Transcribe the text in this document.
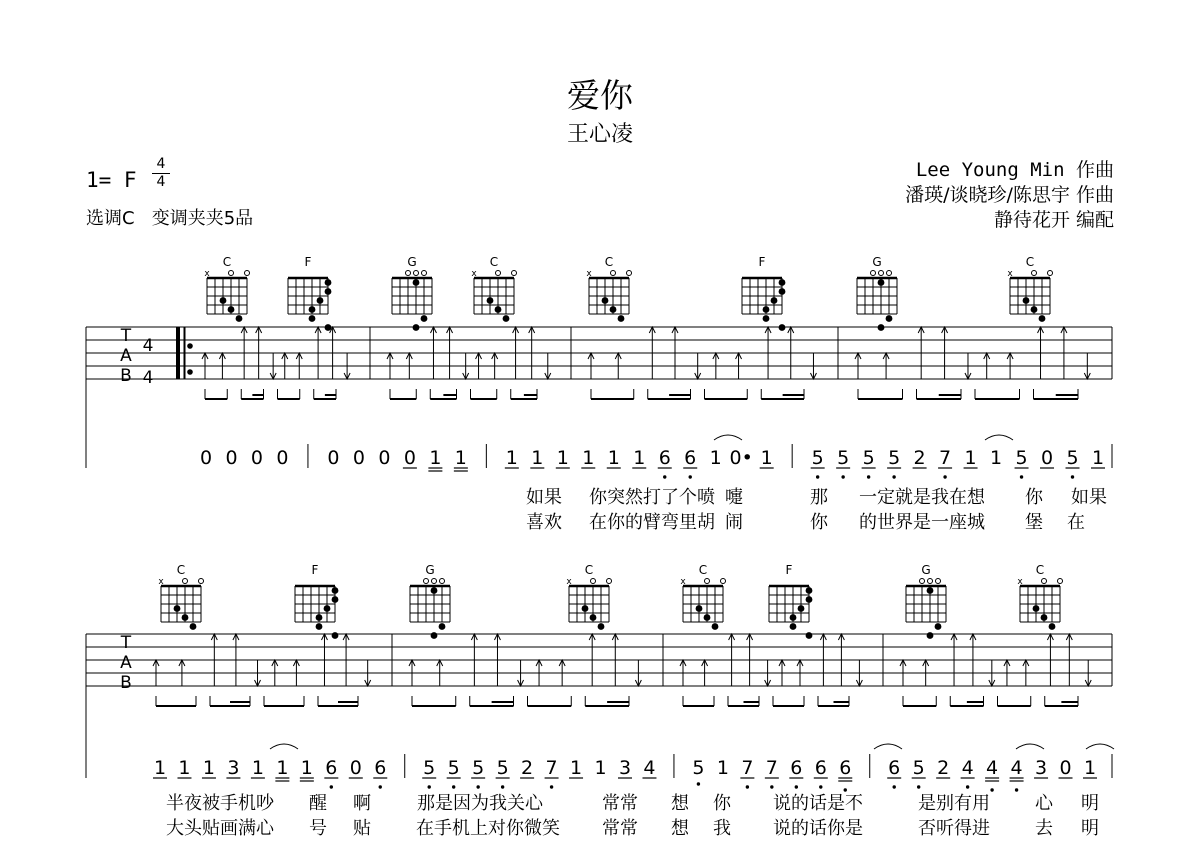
爱你
王心凌
1= F
4
4
选调C   变调夹夹5品
Lee Young Min 作曲
潘瑛/谈晓珍/陈思宇 作曲
静待花开 编配
T
A
B
4
4
0 0 0 0 0 0 0 0 1 1 1 1 1 1 1 1 6 6 1 0• 1 5 5 5 5 2 7 1 1 5 0 5 1
如果 你突然打了个喷 嚏	那 一定就是我在想 你 如果
喜欢 在你的臂弯里胡 闹	你 的世界是一座城 堡 在
C
x
F	G	C
x
C
x
F	G	C
x
T
A
B
1 1 1 3 1 1 1 6 0 6 5 5 5 5 2 7 1 1 3 4 5 1 7 7 6 6 6 6 5 2 4 4 4 3 0 1
半夜被手机吵 醒 啊	那是因为我关心	常常 想 你 说的话是不	是别有用	心 明
大头贴画满心 号 贴	在手机上对你微笑 常常 想 我 说的话你是	否听得进	去 明
C
x
F	G	C
x
C
x
F	G	C
x
